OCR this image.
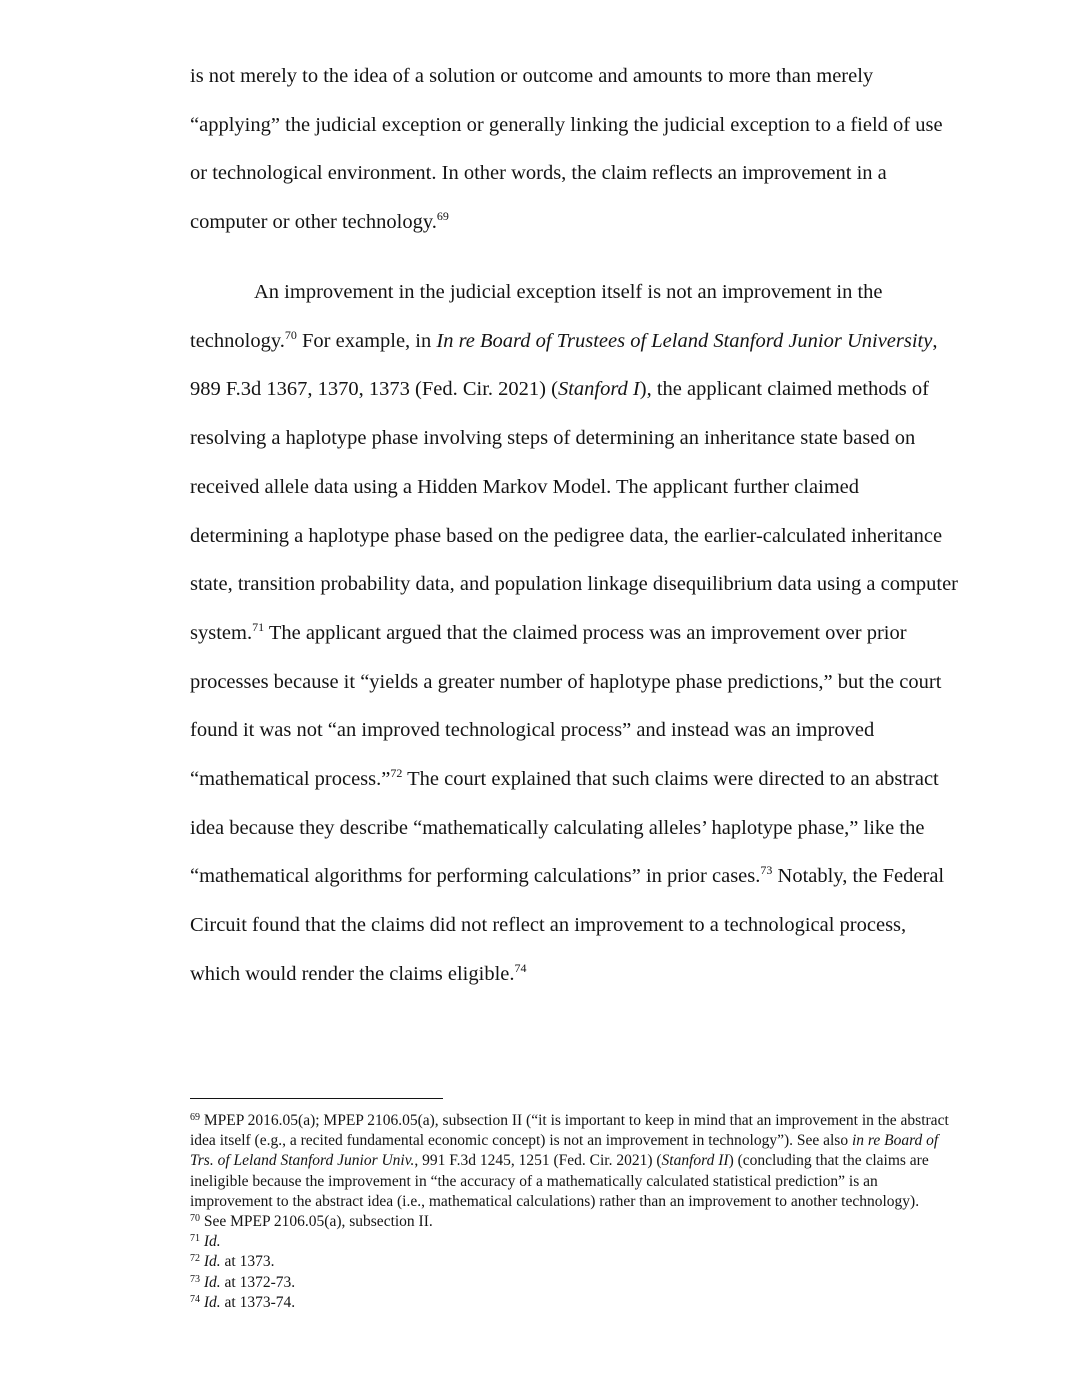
is not merely to the idea of a solution or outcome and amounts to more than merely “applying” the judicial exception or generally linking the judicial exception to a field of use or technological environment. In other words, the claim reflects an improvement in a computer or other technology.$^{69}$

An improvement in the judicial exception itself is not an improvement in the technology.$^{70}$ For example, in In re Board of Trustees of Leland Stanford Junior University, 989 F.3d 1367, 1370, 1373 (Fed. Cir. 2021) (Stanford I), the applicant claimed methods of resolving a haplotype phase involving steps of determining an inheritance state based on received allele data using a Hidden Markov Model. The applicant further claimed determining a haplotype phase based on the pedigree data, the earlier-calculated inheritance state, transition probability data, and population linkage disequilibrium data using a computer system.$^{71}$ The applicant argued that the claimed process was an improvement over prior processes because it “yields a greater number of haplotype phase predictions,” but the court found it was not “an improved technological process” and instead was an improved “mathematical process.”$^{72}$ The court explained that such claims were directed to an abstract idea because they describe “mathematically calculating alleles’ haplotype phase,” like the “mathematical algorithms for performing calculations” in prior cases.$^{73}$ Notably, the Federal Circuit found that the claims did not reflect an improvement to a technological process, which would render the claims eligible.$^{74}$

$^{69}$ MPEP 2016.05(a); MPEP 2106.05(a), subsection II (“it is important to keep in mind that an improvement in the abstract idea itself (e.g., a recited fundamental economic concept) is not an improvement in technology”). See also in re Board of Trs. of Leland Stanford Junior Univ., 991 F.3d 1245, 1251 (Fed. Cir. 2021) (Stanford II) (concluding that the claims are ineligible because the improvement in “the accuracy of a mathematically calculated statistical prediction” is an improvement to the abstract idea (i.e., mathematical calculations) rather than an improvement to another technology).

$^{70}$ See MPEP 2106.05(a), subsection II.

$^{71}$ Id.

$^{72}$ Id. at 1373.

$^{73}$ Id. at 1372-73.

$^{74}$ Id. at 1373-74.
